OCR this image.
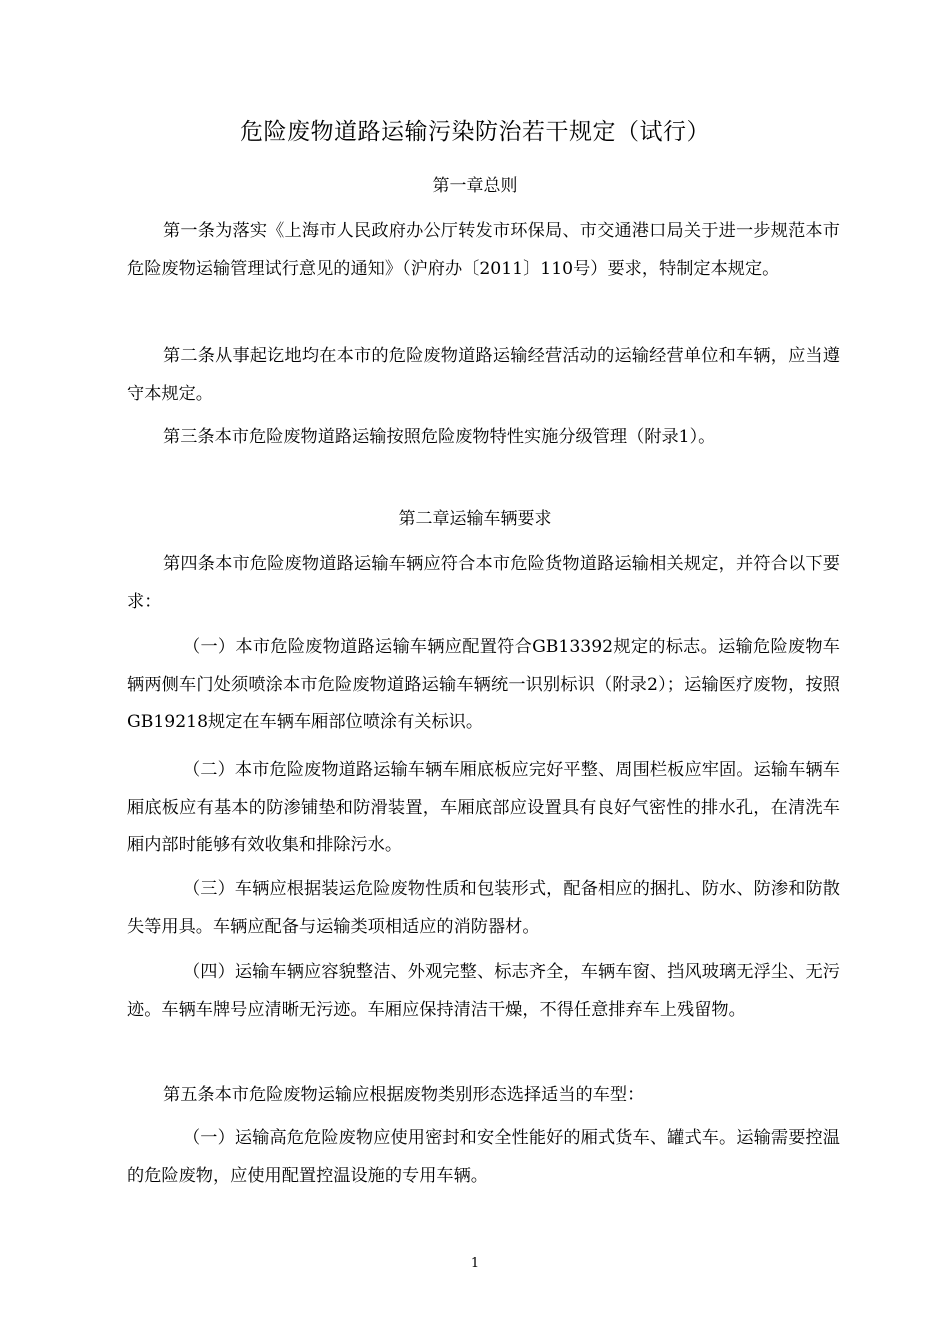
危险废物道路运输污染防治若干规定（试行）
第一章总则

第一条为落实《上海市人民政府办公厅转发市环保局、市交通港口局关于进一步规范本市危险废物运输管理试行意见的通知》（沪府办〔2011〕110号）要求，特制定本规定。

第二条从事起讫地均在本市的危险废物道路运输经营活动的运输经营单位和车辆，应当遵守本规定。

第三条本市危险废物道路运输按照危险废物特性实施分级管理（附录1）。

第二章运输车辆要求

第四条本市危险废物道路运输车辆应符合本市危险货物道路运输相关规定，并符合以下要求：

（一）本市危险废物道路运输车辆应配置符合GB13392规定的标志。运输危险废物车辆两侧车门处须喷涂本市危险废物道路运输车辆统一识别标识（附录2）；运输医疗废物，按照GB19218规定在车辆车厢部位喷涂有关标识。

（二）本市危险废物道路运输车辆车厢底板应完好平整、周围栏板应牢固。运输车辆车厢底板应有基本的防渗铺垫和防滑装置，车厢底部应设置具有良好气密性的排水孔，在清洗车厢内部时能够有效收集和排除污水。

（三）车辆应根据装运危险废物性质和包装形式，配备相应的捆扎、防水、防渗和防散失等用具。车辆应配备与运输类项相适应的消防器材。

（四）运输车辆应容貌整洁、外观完整、标志齐全，车辆车窗、挡风玻璃无浮尘、无污迹。车辆车牌号应清晰无污迹。车厢应保持清洁干燥，不得任意排弃车上残留物。

第五条本市危险废物运输应根据废物类别形态选择适当的车型：

（一）运输高危危险废物应使用密封和安全性能好的厢式货车、罐式车。运输需要控温的危险废物，应使用配置控温设施的专用车辆。

1
